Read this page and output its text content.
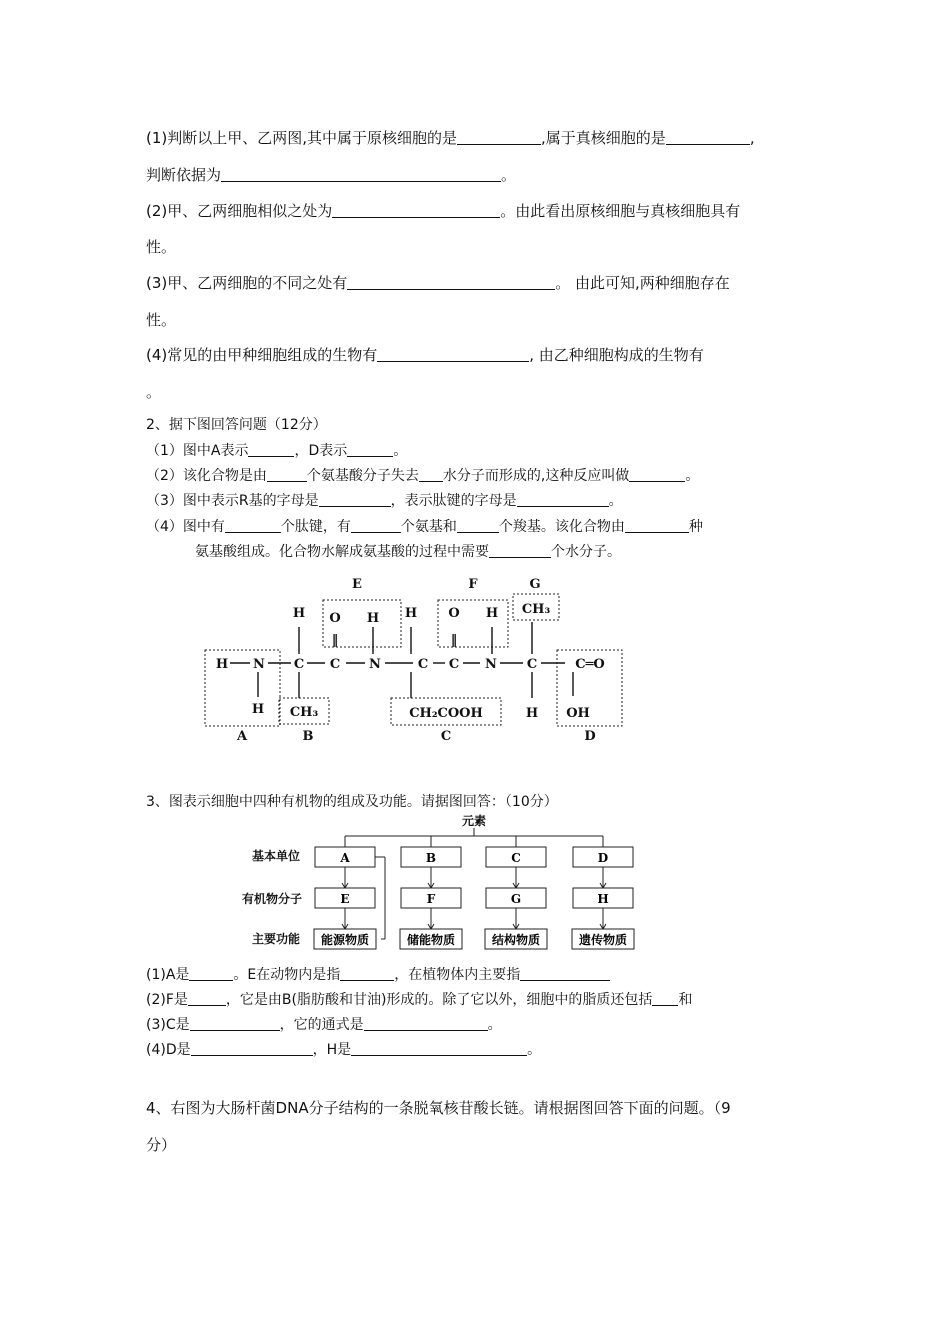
(1)判断以上甲、乙两图,其中属于原核细胞的是	,属于真核细胞的是	,
判断依据为	。
(2)甲、乙两细胞相似之处为	。由此看出原核细胞与真核细胞具有
性。
(3)甲、乙两细胞的不同之处有	。 由此可知,两种细胞存在
性。
(4)常见的由甲种细胞组成的生物有	, 由乙种细胞构成的生物有
。
2、据下图回答问题（12分）
（1）图中A表示	，D表示	。
（2）该化合物是由	个氨基酸分子失去 水分子而形成的,这种反应叫做	。
（3）图中表示R基的字母是	，表示肽键的字母是	。
（4）图中有	个肽键，有	个氨基和	个羧基。该化合物由	种
氨基酸组成。化合物水解成氨基酸的过程中需要	个水分子。
E	F	G
A	B	C	D
H N C C N	C C N C	C═O
H O H H O H CH₃
‖	‖
H CH₃	CH₂COOH	H OH
3、图表示细胞中四种有机物的组成及功能。请据图回答：（10分）
元素
基本单位
有机物分子
主要功能
A	B	C	D
E	F	G	H
能源物质	储能物质	结构物质	遗传物质
(1)A是	。E在动物内是指	，在植物体内主要指
(2)F是	，它是由B(脂肪酸和甘油)形成的。除了它以外，细胞中的脂质还包括 和
(3)C是	，它的通式是	。
(4)D是	，H是	。
4、右图为大肠杆菌DNA分子结构的一条脱氧核苷酸长链。请根据图回答下面的问题。（9
分）
